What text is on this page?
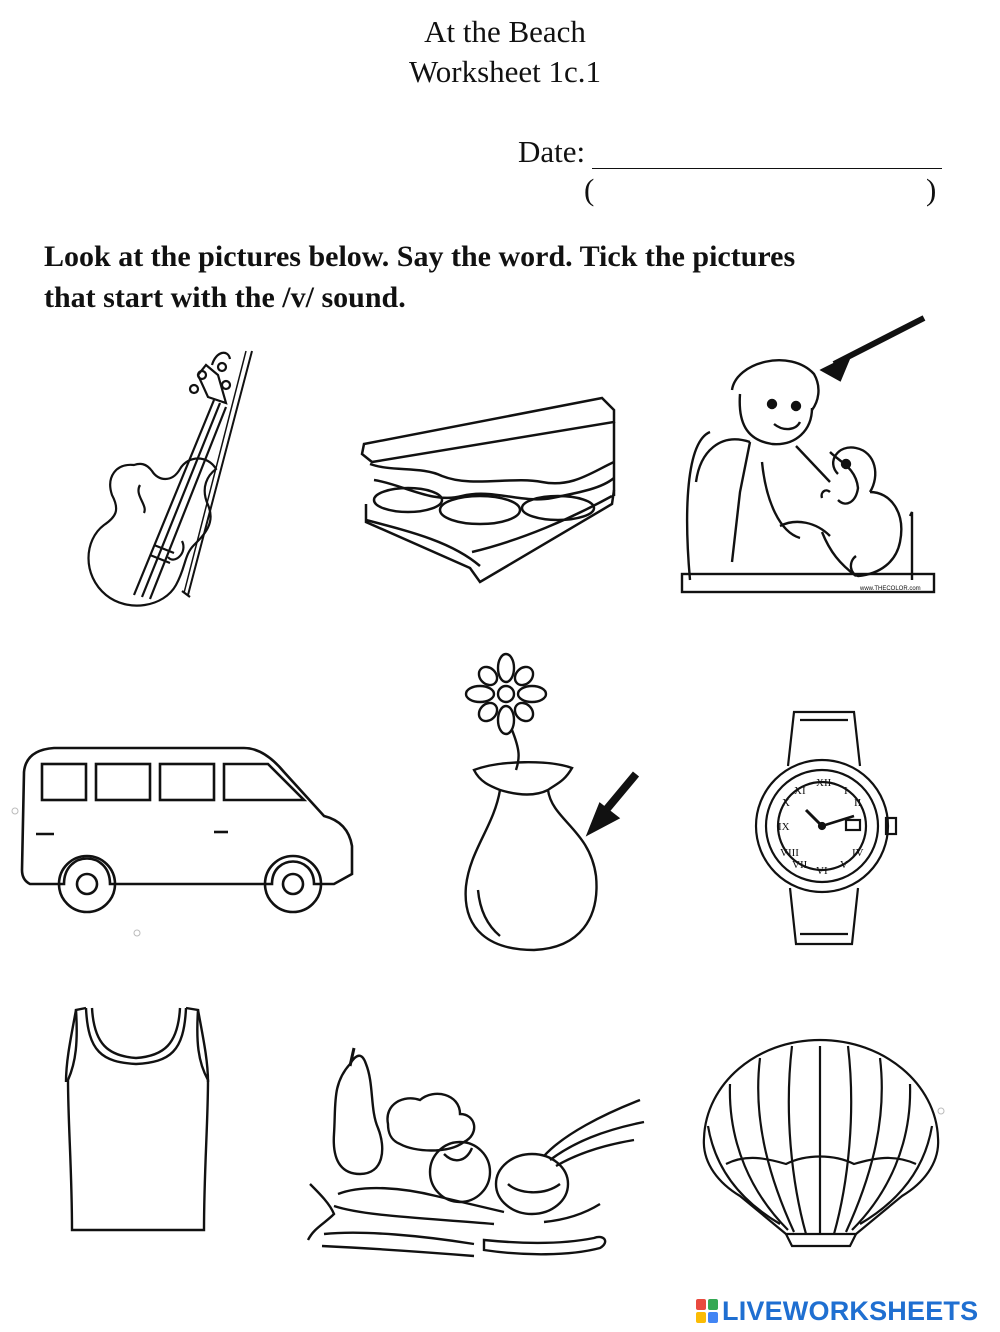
At the Beach
Worksheet 1c.1
Date:
(	)
Look at the pictures below. Say the word. Tick the pictures
that start with the /v/ sound.
www.THECOLOR.com
XII
I
II
IV
V
VI
VII
VIII
IX
X
XI
LIVEWORKSHEETS
